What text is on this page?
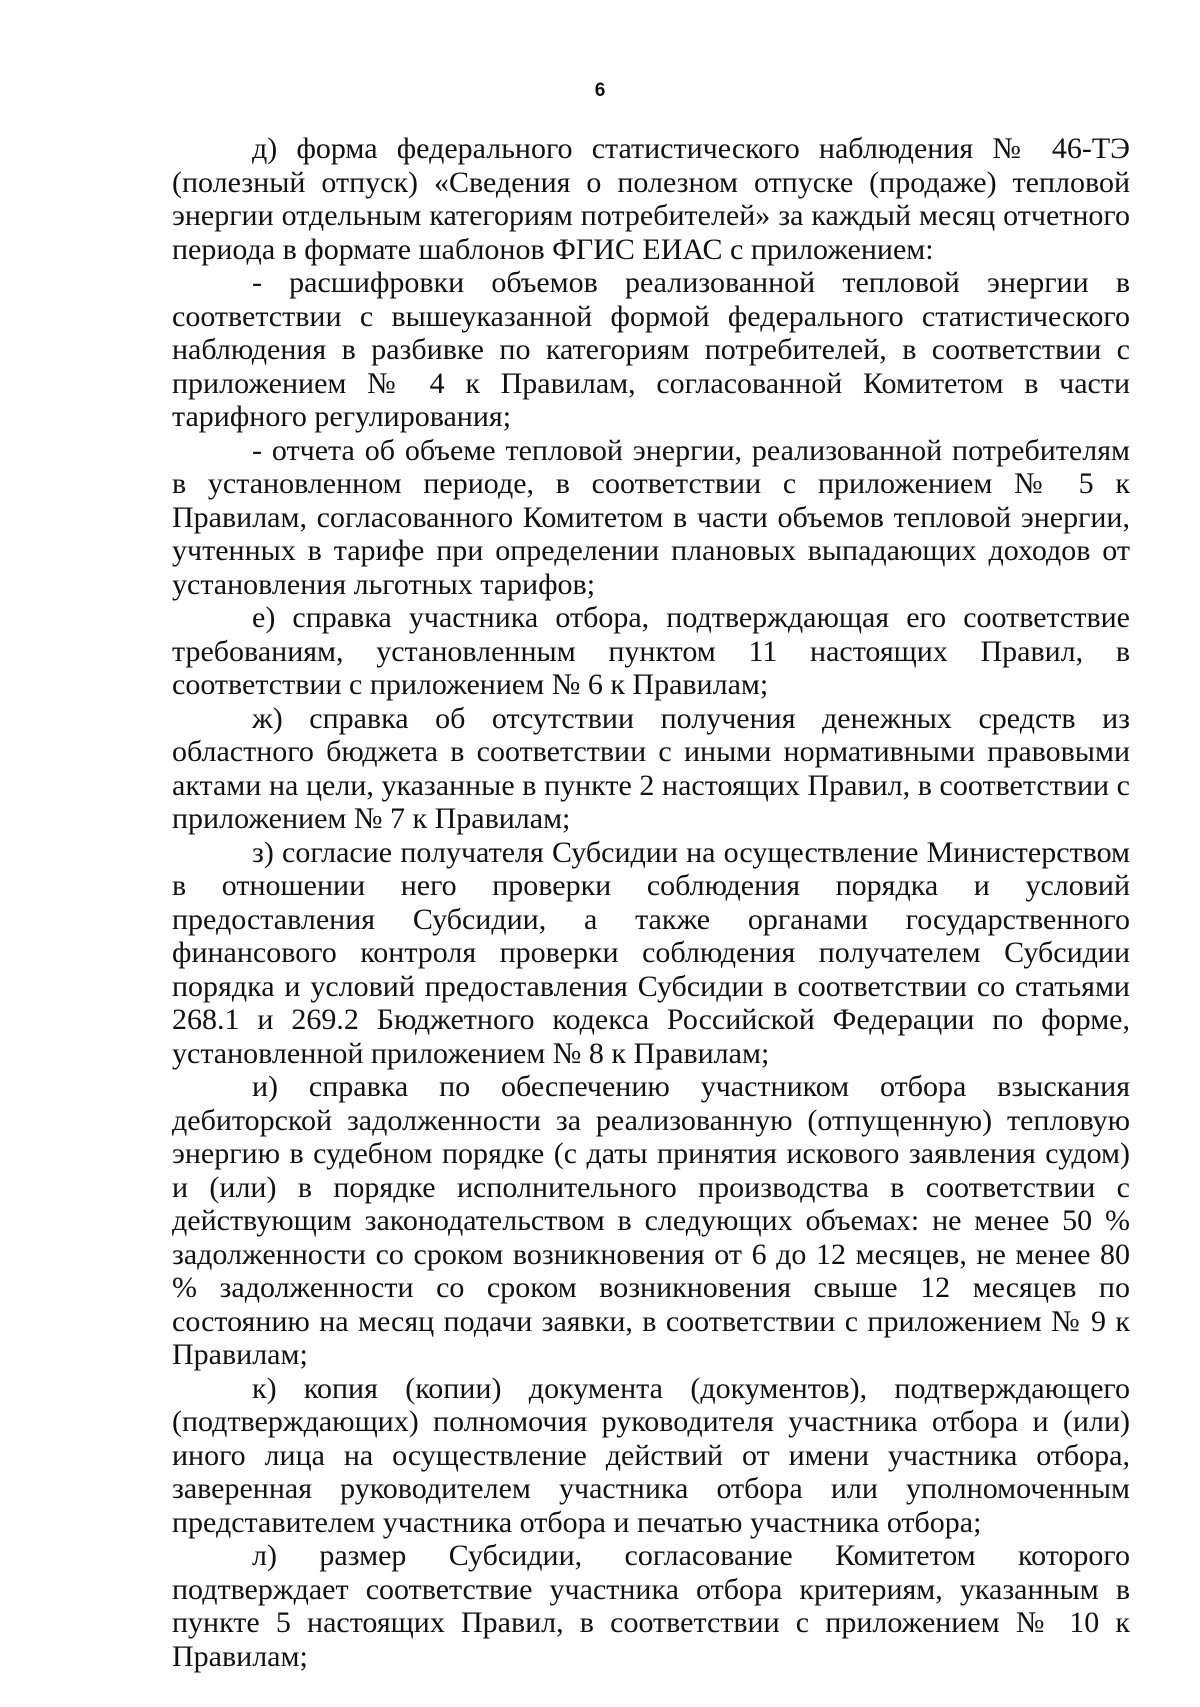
6

д) форма федерального статистического наблюдения № 46-ТЭ (полезный отпуск) «Сведения о полезном отпуске (продаже) тепловой энергии отдельным категориям потребителей» за каждый месяц отчетного периода в формате шаблонов ФГИС ЕИАС с приложением:

- расшифровки объемов реализованной тепловой энергии в соответствии с вышеуказанной формой федерального статистического наблюдения в разбивке по категориям потребителей, в соответствии с приложением № 4 к Правилам, согласованной Комитетом в части тарифного регулирования;

- отчета об объеме тепловой энергии, реализованной потребителям в установленном периоде, в соответствии с приложением № 5 к Правилам, согласованного Комитетом в части объемов тепловой энергии, учтенных в тарифе при определении плановых выпадающих доходов от установления льготных тарифов;

е) справка участника отбора, подтверждающая его соответствие требованиям, установленным пунктом 11 настоящих Правил, в соответствии с приложением № 6 к Правилам;

ж) справка об отсутствии получения денежных средств из областного бюджета в соответствии с иными нормативными правовыми актами на цели, указанные в пункте 2 настоящих Правил, в соответствии с приложением № 7 к Правилам;

з) согласие получателя Субсидии на осуществление Министерством в отношении него проверки соблюдения порядка и условий предоставления Субсидии, а также органами государственного финансового контроля проверки соблюдения получателем Субсидии порядка и условий предоставления Субсидии в соответствии со статьями 268.1 и 269.2 Бюджетного кодекса Российской Федерации по форме, установленной приложением № 8 к Правилам;

и) справка по обеспечению участником отбора взыскания дебиторской задолженности за реализованную (отпущенную) тепловую энергию в судебном порядке (с даты принятия искового заявления судом) и (или) в порядке исполнительного производства в соответствии с действующим законодательством в следующих объемах: не менее 50 % задолженности со сроком возникновения от 6 до 12 месяцев, не менее 80 % задолженности со сроком возникновения свыше 12 месяцев по состоянию на месяц подачи заявки, в соответствии с приложением № 9 к Правилам;

к) копия (копии) документа (документов), подтверждающего (подтверждающих) полномочия руководителя участника отбора и (или) иного лица на осуществление действий от имени участника отбора, заверенная руководителем участника отбора или уполномоченным представителем участника отбора и печатью участника отбора;

л) размер Субсидии, согласование Комитетом которого подтверждает соответствие участника отбора критериям, указанным в пункте 5 настоящих Правил, в соответствии с приложением № 10 к Правилам;
